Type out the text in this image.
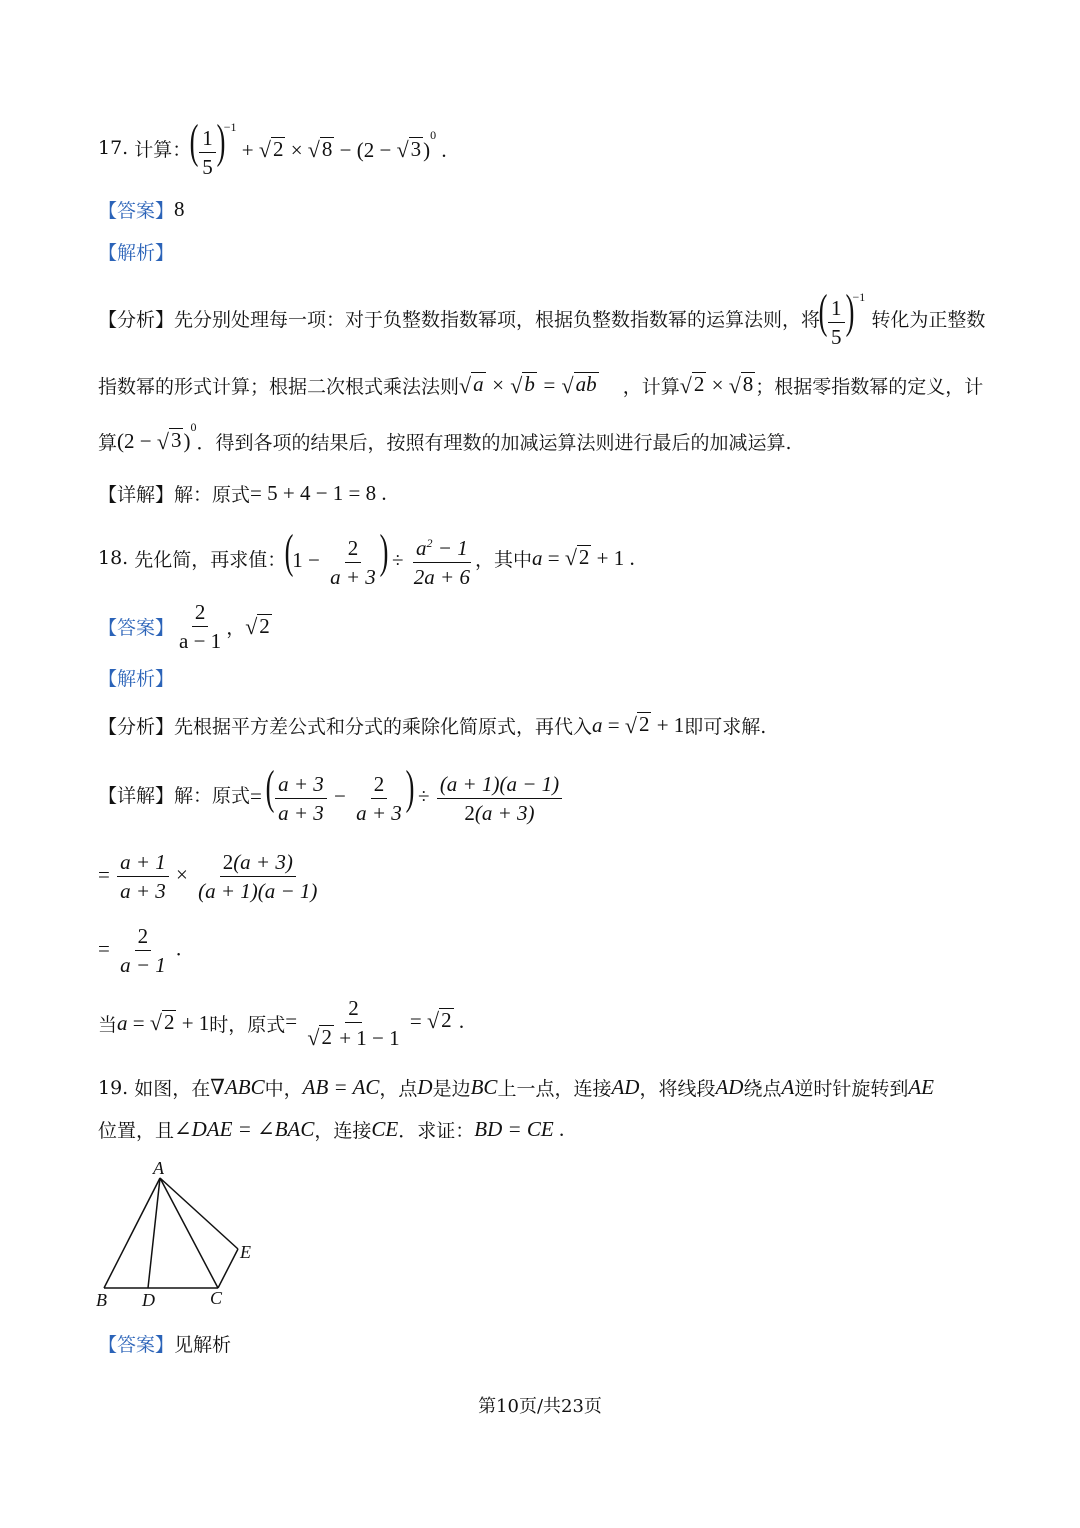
17.
计算：
( $\frac{1}{5} )^{-1}$ + √ 2 × √ 8 − (2 − √ 3 )$^0$ .
【答案】 8
【解析】
【分析】 先分别处理每一项：对于负整数指数幂项，根据负整数指数幂的运算法则，将
( $\frac{1}{5} )^{-1}$

转化为正整数
指数幂的形式计算；根据二次根式乘法法则 √ a × √ b = √ ab
，计算 √ 2 × √ 8 ；根据零指数幂的定义，计
算 (2 − √ 3 )$^0$
．得到各项的结果后，按照有理数的加减运算法则进行最后的加减运算.
【详解】 解：原式 = 5 + 4 − 1 = 8 .
18.
先化简，再求值：
($1 - \frac{2}{a + 3}$ ) ÷ $\frac{a^2 - 1}{2a + 6}$ ，其中 a = √ 2 + 1 .
【答案】 $\frac{2}{a - 1}$ ， √ 2
【解析】
【分析】 先根据平方差公式和分式的乘除化简原式，再代入 a = √ 2 + 1 即可求解.
【详解】 解：原式 = ( $\frac{a + 3}{a + 3} - \frac{2}{a + 3}$ ) ÷ $\frac{(a + 1)(a - 1)}{2(a + 3)}$
= $\frac{a + 1}{a + 3} \times \frac{2(a + 3)}{(a + 1)(a - 1)}$
= $\frac{2}{a - 1}$ .
当 a = √ 2 + 1 时，原式 = $\frac{2}{√ 2 + 1 - 1}$ = √ 2 .
19.
如图，在 ∇ABC 中， AB = AC ，点 D 是边 BC 上一点，连接 AD ，将线段 AD 绕点 A 逆时针旋转到 AE
位置，且 ∠DAE = ∠BAC ，连接 CE ．求证： BD = CE .
A
B D	C
E
【答案】 见解析
第10页/共23页
